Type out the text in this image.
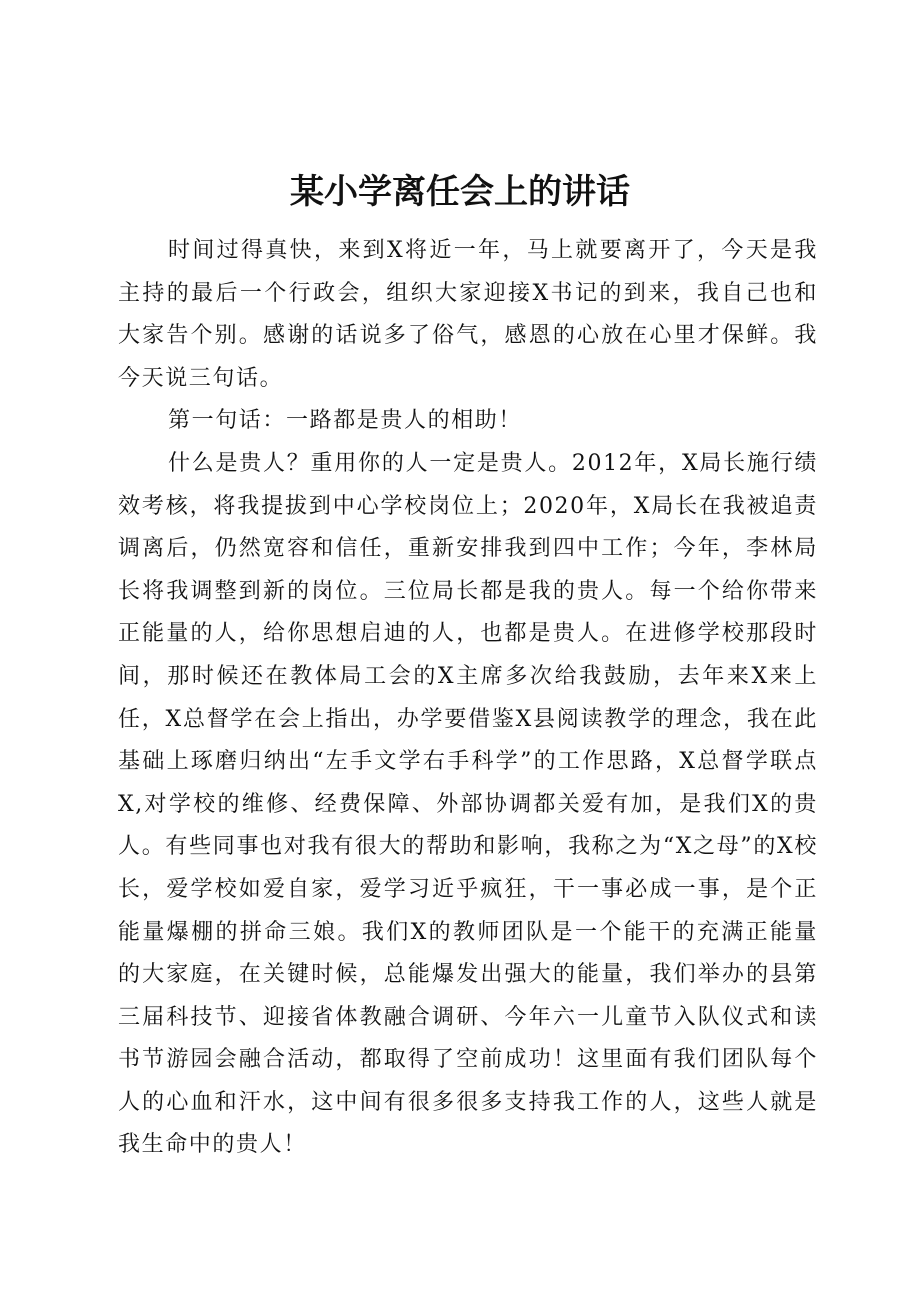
某小学离任会上的讲话

时间过得真快，来到X将近一年，马上就要离开了，今天是我主持的最后一个行政会，组织大家迎接X书记的到来，我自己也和大家告个别。感谢的话说多了俗气，感恩的心放在心里才保鲜。我今天说三句话。

第一句话：一路都是贵人的相助！

什么是贵人？重用你的人一定是贵人。2012年，X局长施行绩效考核，将我提拔到中心学校岗位上；2020年，X局长在我被追责调离后，仍然宽容和信任，重新安排我到四中工作；今年，李林局长将我调整到新的岗位。三位局长都是我的贵人。每一个给你带来正能量的人，给你思想启迪的人，也都是贵人。在进修学校那段时间，那时候还在教体局工会的X主席多次给我鼓励，去年来X来上任，X总督学在会上指出，办学要借鉴X县阅读教学的理念，我在此基础上琢磨归纳出“左手文学右手科学”的工作思路，X总督学联点X,对学校的维修、经费保障、外部协调都关爱有加，是我们X的贵人。有些同事也对我有很大的帮助和影响，我称之为“X之母”的X校长，爱学校如爱自家，爱学习近乎疯狂，干一事必成一事，是个正能量爆棚的拼命三娘。我们X的教师团队是一个能干的充满正能量的大家庭，在关键时候，总能爆发出强大的能量，我们举办的县第三届科技节、迎接省体教融合调研、今年六一儿童节入队仪式和读书节游园会融合活动，都取得了空前成功！这里面有我们团队每个人的心血和汗水，这中间有很多很多支持我工作的人，这些人就是我生命中的贵人！
